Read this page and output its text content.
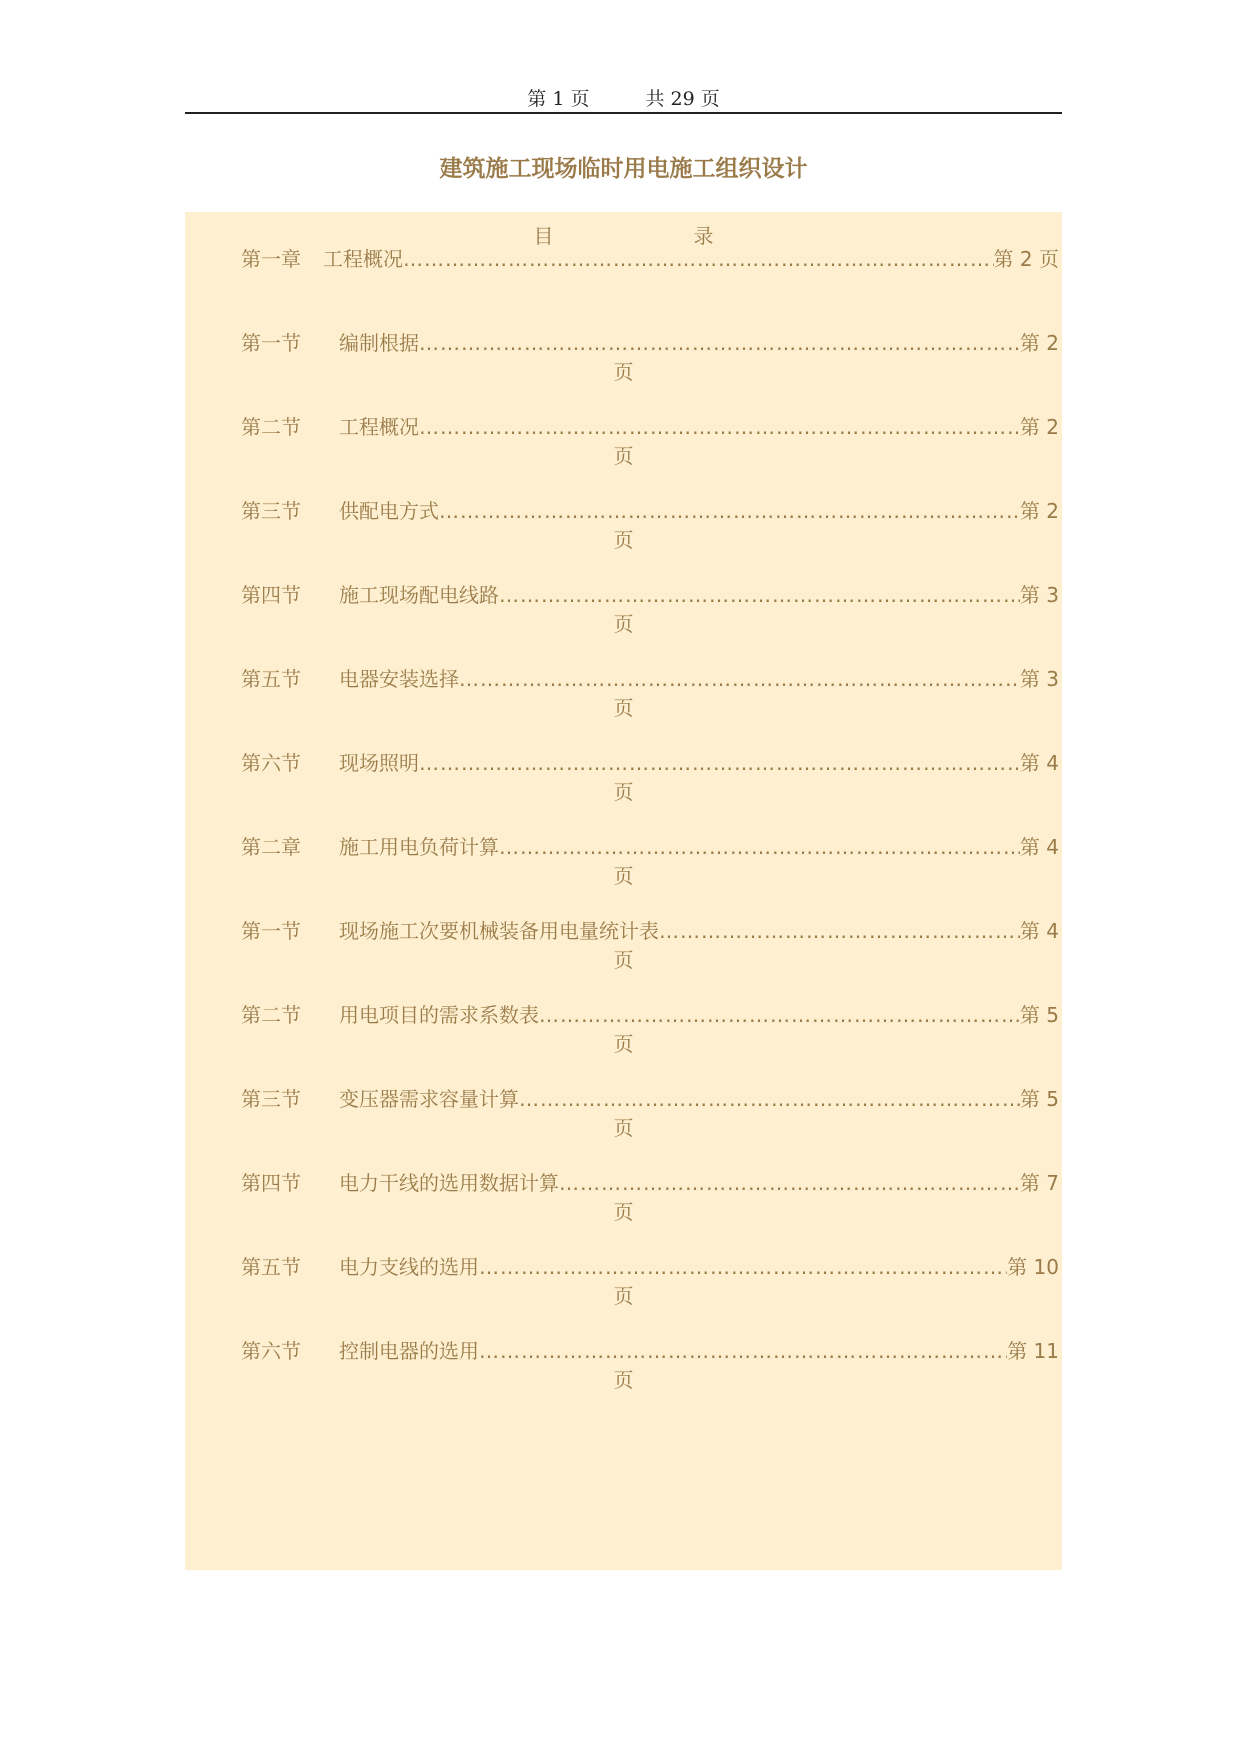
第 1 页	共 29 页
建筑施工现场临时用电施工组织设计
目	录
第一章 工程概况 …………………………………………………………………………………………………………………………………………………………	第 2 页
第一节 编制根据 …………………………………………………………………………………………………………………………………………………………	第 2
页
第二节 工程概况 …………………………………………………………………………………………………………………………………………………………	第 2
页
第三节 供配电方式 …………………………………………………………………………………………………………………………………………………………	第 2
页
第四节 施工现场配电线路 …………………………………………………………………………………………………………………………………………………………	第 3
页
第五节 电器安装选择 …………………………………………………………………………………………………………………………………………………………	第 3
页
第六节 现场照明 …………………………………………………………………………………………………………………………………………………………	第 4
页
第二章 施工用电负荷计算 …………………………………………………………………………………………………………………………………………………………	第 4
页
第一节 现场施工次要机械装备用电量统计表 …………………………………………………………………………………………………………………………………………………………	第 4
页
第二节 用电项目的需求系数表 …………………………………………………………………………………………………………………………………………………………	第 5
页
第三节 变压器需求容量计算 …………………………………………………………………………………………………………………………………………………………	第 5
页
第四节 电力干线的选用数据计算 …………………………………………………………………………………………………………………………………………………………	第 7
页
第五节 电力支线的选用 …………………………………………………………………………………………………………………………………………………………	第 10
页
第六节 控制电器的选用 …………………………………………………………………………………………………………………………………………………………	第 11
页
